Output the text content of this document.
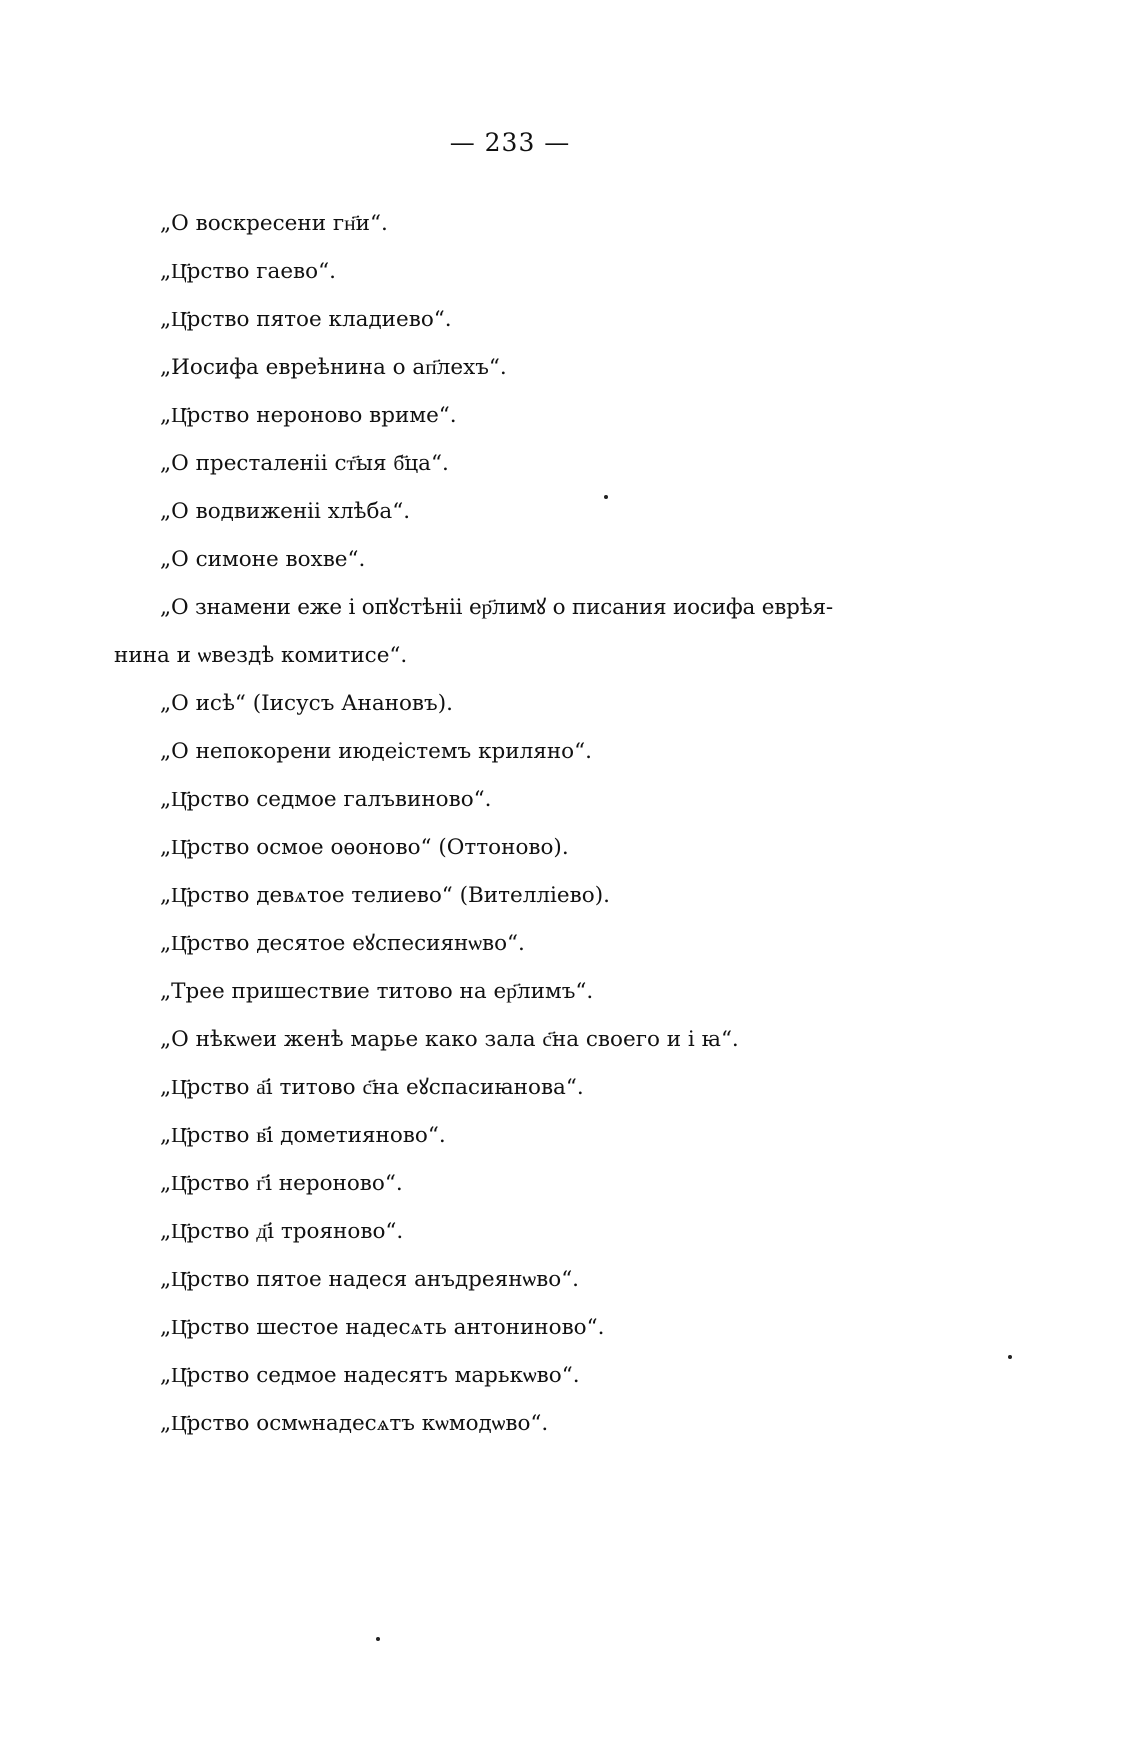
— 233 —
„О воскресени гн҃и“.
„Ц҃рство гаево“.
„Ц҃рство пятое кладиево“.
„Иосифа евреѣнина о ап҃лехъ“.
„Ц҃рство нероново вриме“.
„О престаленіі ст҃ыя б҃ца“.
„О водвиженіі хлѣба“.
„О симоне вохве“.
„О знамени еже і опꙋстѣніі ер҃лимꙋ о писания иосифа еврѣя-
нина и ѡвездѣ комитисе“.
„О исѣ“ (Іисусъ Анановъ).
„О непокорени июдеістемъ криляно“.
„Ц҃рство седмое галъвиново“.
„Ц҃рство осмое оѳоново“ (Оттоново).
„Ц҃рство девѧтое телиево“ (Вителліево).
„Ц҃рство десятое еꙋспесиянѡво“.
„Трее пришествие титово на ер҃лимъ“.
„О нѣкѡеи женѣ марье како зала с҃на своего и і ꙗ“.
„Ц҃рство а҃і титово с҃на еꙋспасиꙗнова“.
„Ц҃рство в҃і дометияново“.
„Ц҃рство г҃і нероново“.
„Ц҃рство д҃і трояново“.
„Ц҃рство пятое надеся анъдреянѡво“.
„Ц҃рство шестое надесѧть антониново“.
„Ц҃рство седмое надесятъ марькѡво“.
„Ц҃рство осмѡнадесѧтъ кѡмодѡво“.
